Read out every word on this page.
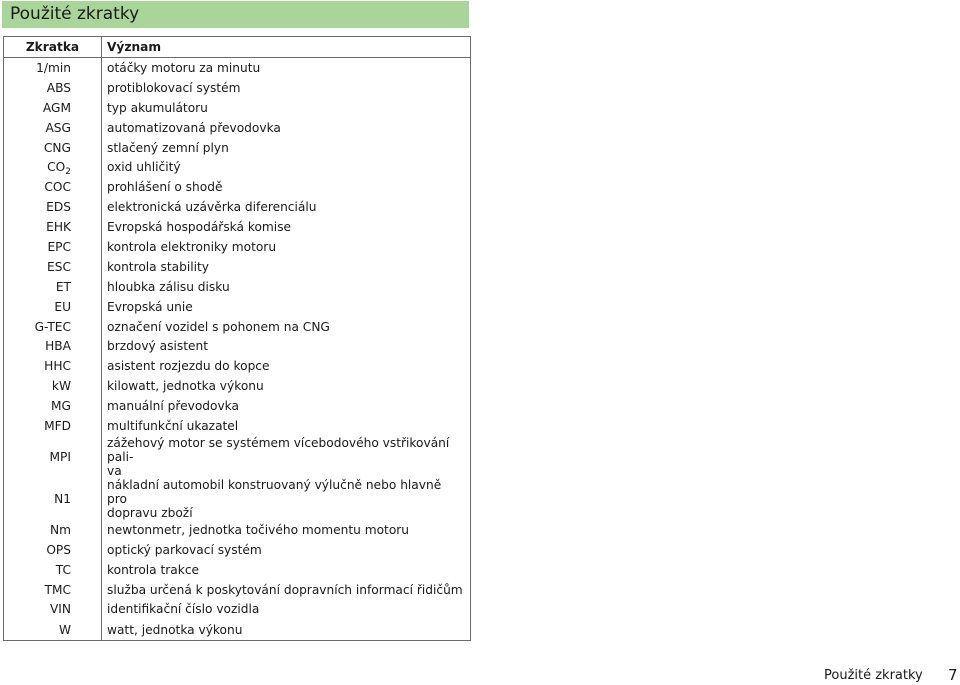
Použité zkratky
Zkratka	Význam
1/min	otáčky motoru za minutu
ABS	protiblokovací systém
AGM	typ akumulátoru
ASG	automatizovaná převodovka
CNG	stlačený zemní plyn
$CO_2$	oxid uhličitý
COC	prohlášení o shodě
EDS	elektronická uzávěrka diferenciálu
EHK	Evropská hospodářská komise
EPC	kontrola elektroniky motoru
ESC	kontrola stability
ET	hloubka zálisu disku
EU	Evropská unie
G-TEC	označení vozidel s pohonem na CNG
HBA	brzdový asistent
HHC	asistent rozjezdu do kopce
kW	kilowatt, jednotka výkonu
MG	manuální převodovka
MFD	multifunkční ukazatel
MPI	zážehový motor se systémem vícebodového vstřikování pali-
va
N1	nákladní automobil konstruovaný výlučně nebo hlavně pro
dopravu zboží
Nm	newtonmetr, jednotka točivého momentu motoru
OPS	optický parkovací systém
TC	kontrola trakce
TMC	služba určená k poskytování dopravních informací řidičům
VIN	identifikační číslo vozidla
W	watt, jednotka výkonu
Použité zkratky 7
